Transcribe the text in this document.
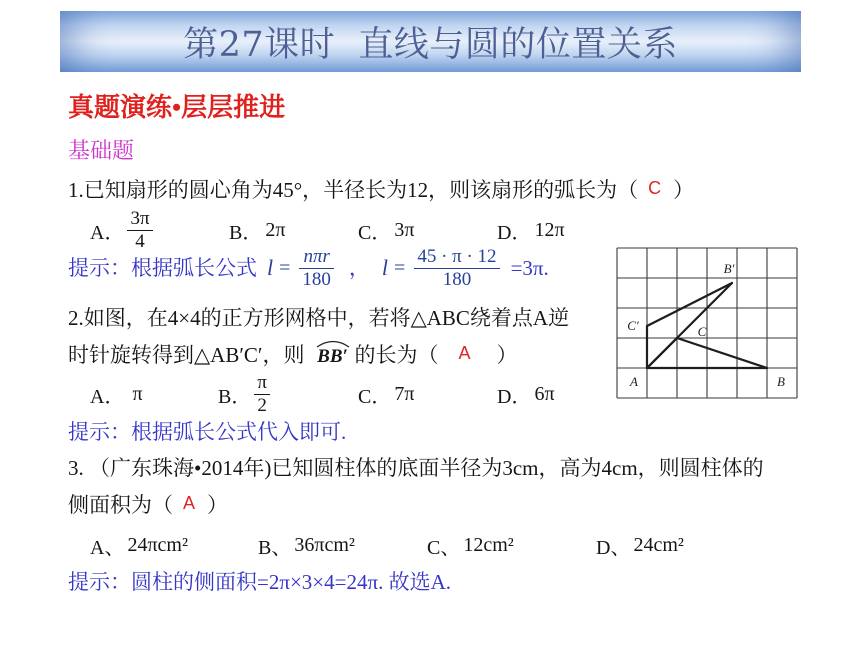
第27课时  直线与圆的位置关系
真题演练•层层推进
基础题
1.已知扇形的圆心角为45°，半径长为12，则该扇形的弧长为（ C ）
A． $\frac{3\pi}{4}$	B． 2π	C． 3π	D． 12π
提示：根据弧长公式 $l = \frac{\text{nπr}}{180}$ ， $l = \frac{45 \cdot \pi \cdot 12}{180} =3\pi$.
2.如图，在4×4的正方形网格中，若将△ABC绕着点A逆
时针旋转得到△AB′C′，则 BB′ 的长为（ A ）
A． π	B． $\frac{\pi}{2}$	C． 7π	D． 6π
提示：根据弧长公式代入即可.
A	B
C
C′
B′
3. （广东珠海•2014年)已知圆柱体的底面半径为3cm，高为4cm，则圆柱体的
侧面积为（ A ）
A、 24πcm²	B、 36πcm²	C、 12cm²	D、 24cm²
提示：圆柱的侧面积=2π×3×4=24π. 故选A.
